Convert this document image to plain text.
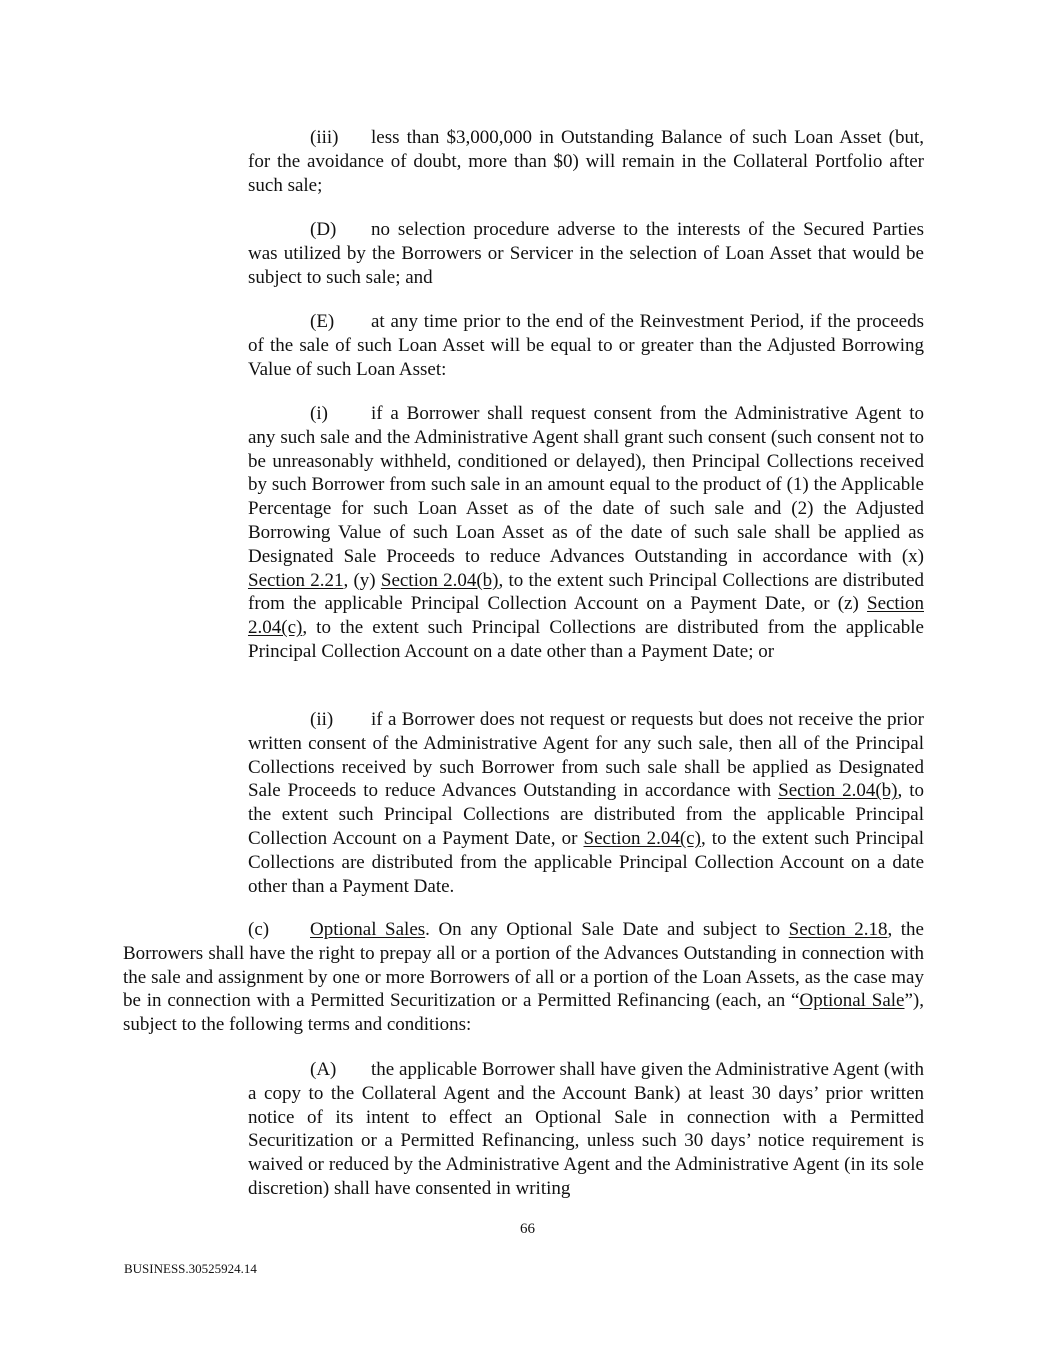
(iii) less than $3,000,000 in Outstanding Balance of such Loan Asset (but, for the avoidance of doubt, more than $0) will remain in the Collateral Portfolio after such sale;

(D) no selection procedure adverse to the interests of the Secured Parties was utilized by the Borrowers or Servicer in the selection of Loan Asset that would be subject to such sale; and

(E) at any time prior to the end of the Reinvestment Period, if the proceeds of the sale of such Loan Asset will be equal to or greater than the Adjusted Borrowing Value of such Loan Asset:

(i) if a Borrower shall request consent from the Administrative Agent to any such sale and the Administrative Agent shall grant such consent (such consent not to be unreasonably withheld, conditioned or delayed), then Principal Collections received by such Borrower from such sale in an amount equal to the product of (1) the Applicable Percentage for such Loan Asset as of the date of such sale and (2) the Adjusted Borrowing Value of such Loan Asset as of the date of such sale shall be applied as Designated Sale Proceeds to reduce Advances Outstanding in accordance with (x) Section 2.21, (y) Section 2.04(b), to the extent such Principal Collections are distributed from the applicable Principal Collection Account on a Payment Date, or (z) Section 2.04(c), to the extent such Principal Collections are distributed from the applicable Principal Collection Account on a date other than a Payment Date; or

(ii) if a Borrower does not request or requests but does not receive the prior written consent of the Administrative Agent for any such sale, then all of the Principal Collections received by such Borrower from such sale shall be applied as Designated Sale Proceeds to reduce Advances Outstanding in accordance with Section 2.04(b), to the extent such Principal Collections are distributed from the applicable Principal Collection Account on a Payment Date, or Section 2.04(c), to the extent such Principal Collections are distributed from the applicable Principal Collection Account on a date other than a Payment Date.

(c) Optional Sales. On any Optional Sale Date and subject to Section 2.18, the Borrowers shall have the right to prepay all or a portion of the Advances Outstanding in connection with the sale and assignment by one or more Borrowers of all or a portion of the Loan Assets, as the case may be in connection with a Permitted Securitization or a Permitted Refinancing (each, an “Optional Sale”), subject to the following terms and conditions:

(A) the applicable Borrower shall have given the Administrative Agent (with a copy to the Collateral Agent and the Account Bank) at least 30 days’ prior written notice of its intent to effect an Optional Sale in connection with a Permitted Securitization or a Permitted Refinancing, unless such 30 days’ notice requirement is waived or reduced by the Administrative Agent and the Administrative Agent (in its sole discretion) shall have consented in writing

66
BUSINESS.30525924.14
